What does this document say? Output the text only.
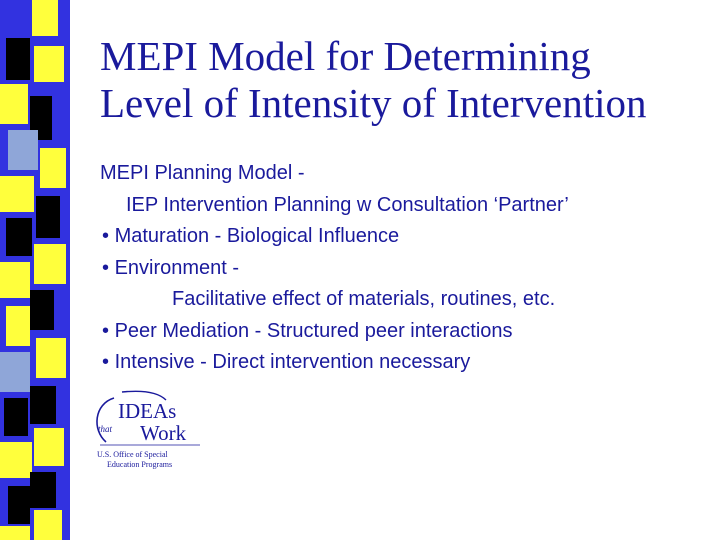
MEPI Model for Determining
Level of Intensity of Intervention
MEPI Planning Model -
IEP Intervention Planning w Consultation ‘Partner’
• Maturation - Biological Influence
• Environment -
Facilitative effect of materials, routines, etc.
• Peer Mediation - Structured peer interactions
• Intensive - Direct intervention necessary
IDEAs
that Work
U.S. Office of Special
Education Programs
